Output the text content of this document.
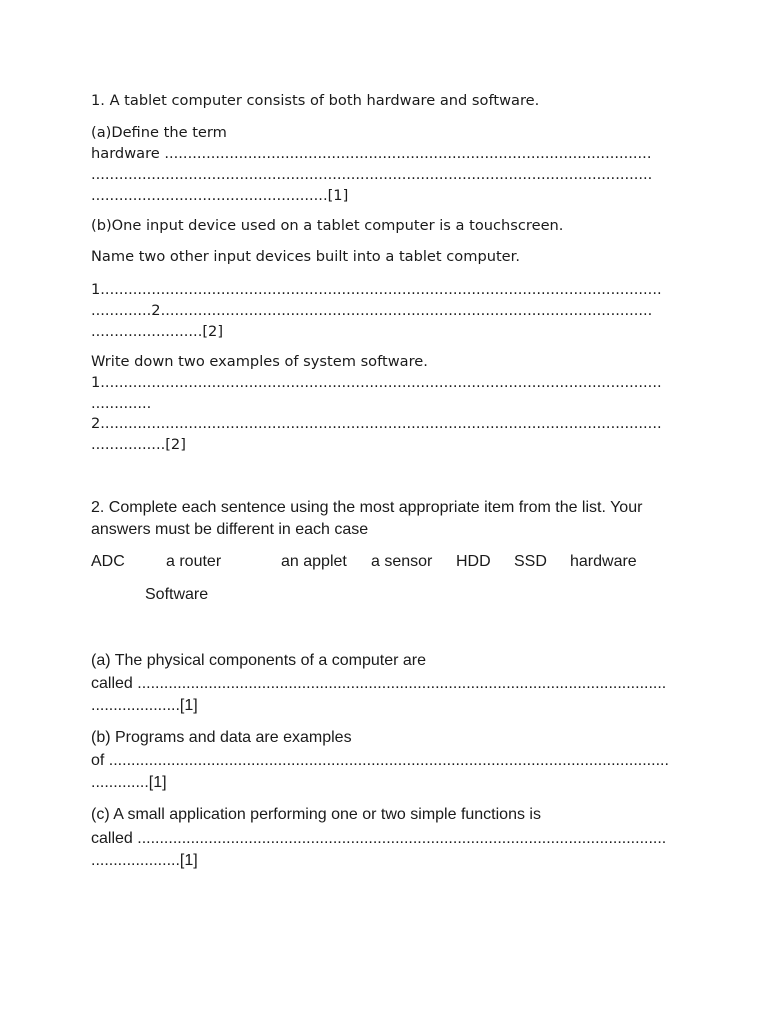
1. A tablet computer consists of both hardware and software.
(a)Define the term
hardware .........................................................................................................
.........................................................................................................................
...................................................[1]
(b)One input device used on a tablet computer is a touchscreen.
Name two other input devices built into a tablet computer.
1.........................................................................................................................
.............2..........................................................................................................
........................[2]
Write down two examples of system software.
1.........................................................................................................................
.............
2.........................................................................................................................
................[2]
2. Complete each sentence using the most appropriate item from the list. Your
answers must be different in each case
ADC	a router	an applet a sensor HDD SSD hardware
Software
(a) The physical components of a computer are
called .......................................................................................................................
....................[1]
(b) Programs and data are examples
of ..............................................................................................................................
.............[1]
(c) A small application performing one or two simple functions is
called .......................................................................................................................
....................[1]
